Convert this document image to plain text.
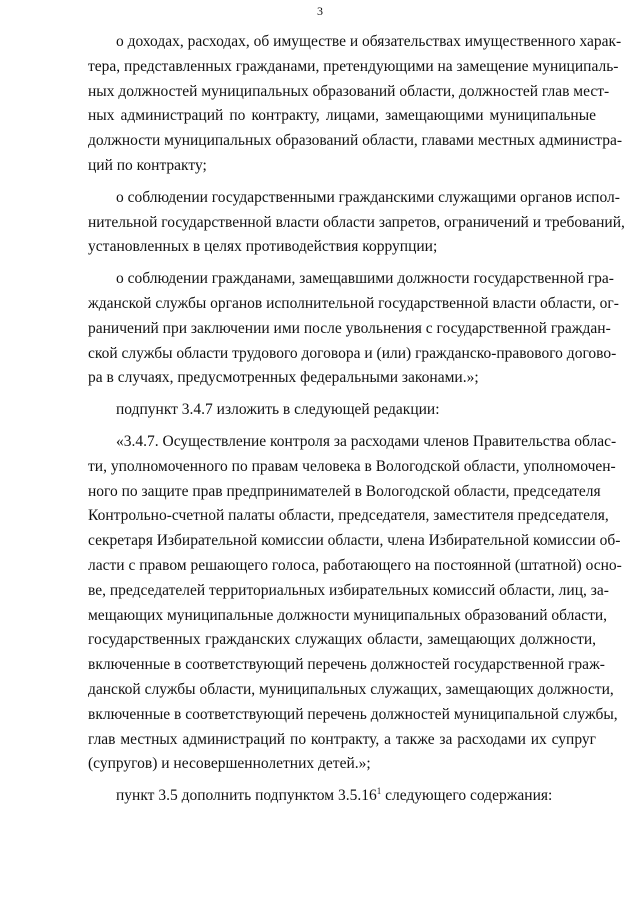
3
о доходах, расходах, об имуществе и обязательствах имущественного харак-
тера, представленных гражданами, претендующими на замещение муниципаль-
ных должностей муниципальных образований области, должностей глав мест-
ных администраций по контракту, лицами, замещающими муниципальные
должности муниципальных образований области, главами местных администра-
ций по контракту;
о соблюдении государственными гражданскими служащими органов испол-
нительной государственной власти области запретов, ограничений и требований,
установленных в целях противодействия коррупции;
о соблюдении гражданами, замещавшими должности государственной гра-
жданской службы органов исполнительной государственной власти области, ог-
раничений при заключении ими после увольнения с государственной граждан-
ской службы области трудового договора и (или) гражданско-правового догово-
ра в случаях, предусмотренных федеральными законами.»;
подпункт 3.4.7 изложить в следующей редакции:
«3.4.7. Осуществление контроля за расходами членов Правительства облас-
ти, уполномоченного по правам человека в Вологодской области, уполномочен-
ного по защите прав предпринимателей в Вологодской области, председателя
Контрольно-счетной палаты области, председателя, заместителя председателя,
секретаря Избирательной комиссии области, члена Избирательной комиссии об-
ласти с правом решающего голоса, работающего на постоянной (штатной) осно-
ве, председателей территориальных избирательных комиссий области, лиц, за-
мещающих муниципальные должности муниципальных образований области,
государственных гражданских служащих области, замещающих должности,
включенные в соответствующий перечень должностей государственной граж-
данской службы области, муниципальных служащих, замещающих должности,
включенные в соответствующий перечень должностей муниципальной службы,
глав местных администраций по контракту, а также за расходами их супруг
(супругов) и несовершеннолетних детей.»;
пункт 3.5 дополнить подпунктом 3.5.16$^1$ следующего содержания:
